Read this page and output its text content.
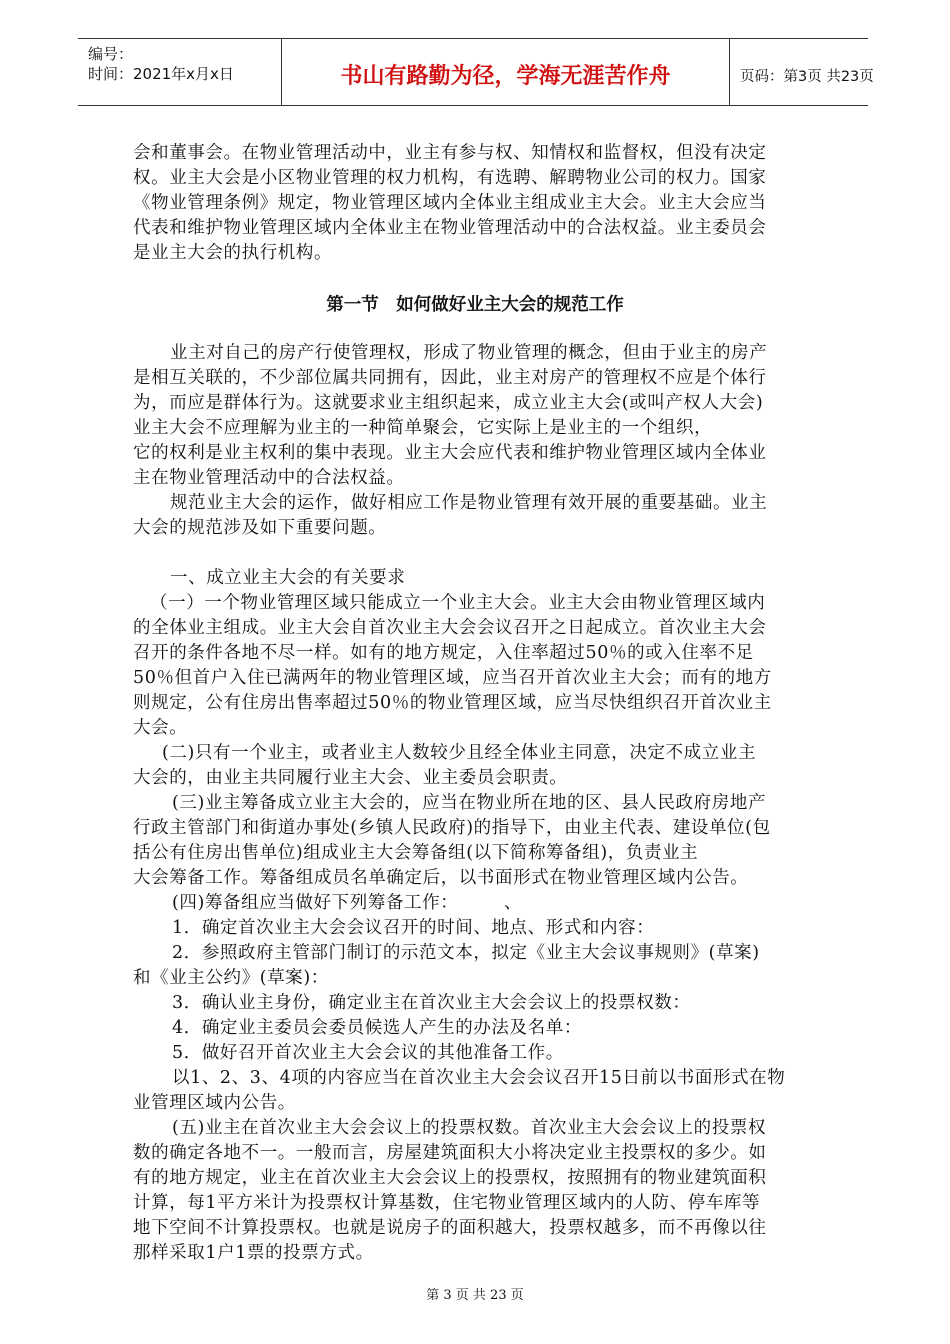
编号：
时间：2021年x月x日	书山有路勤为径，学海无涯苦作舟	页码：第3页 共23页
会和董事会。在物业管理活动中，业主有参与权、知情权和监督权，但没有决定
权。业主大会是小区物业管理的权力机构，有选聘、解聘物业公司的权力。国家
《物业管理条例》规定，物业管理区域内全体业主组成业主大会。业主大会应当
代表和维护物业管理区域内全体业主在物业管理活动中的合法权益。业主委员会
是业主大会的执行机构。
第一节　如何做好业主大会的规范工作
业主对自己的房产行使管理权，形成了物业管理的概念，但由于业主的房产
是相互关联的，不少部位属共同拥有，因此，业主对房产的管理权不应是个体行
为，而应是群体行为。这就要求业主组织起来，成立业主大会(或叫产权人大会)
业主大会不应理解为业主的一种简单聚会，它实际上是业主的一个组织，
它的权利是业主权利的集中表现。业主大会应代表和维护物业管理区域内全体业
主在物业管理活动中的合法权益。
规范业主大会的运作，做好相应工作是物业管理有效开展的重要基础。业主
大会的规范涉及如下重要问题。
一、成立业主大会的有关要求
（一）一个物业管理区域只能成立一个业主大会。业主大会由物业管理区域内
的全体业主组成。业主大会自首次业主大会会议召开之日起成立。首次业主大会
召开的条件各地不尽一样。如有的地方规定，入住率超过50％的或入住率不足
50％但首户入住已满两年的物业管理区域，应当召开首次业主大会；而有的地方
则规定，公有住房出售率超过50％的物业管理区域，应当尽快组织召开首次业主
大会。
(二)只有一个业主，或者业主人数较少且经全体业主同意，决定不成立业主
大会的，由业主共同履行业主大会、业主委员会职责。
(三)业主筹备成立业主大会的，应当在物业所在地的区、县人民政府房地产
行政主管部门和街道办事处(乡镇人民政府)的指导下，由业主代表、建设单位(包
括公有住房出售单位)组成业主大会筹备组(以下简称筹备组)，负责业主
大会筹备工作。筹备组成员名单确定后，以书面形式在物业管理区域内公告。
(四)筹备组应当做好下列筹备工作：　　　、
1．确定首次业主大会会议召开的时间、地点、形式和内容：
2．参照政府主管部门制订的示范文本，拟定《业主大会议事规则》(草案)
和《业主公约》(草案)：
3．确认业主身份，确定业主在首次业主大会会议上的投票权数：
4．确定业主委员会委员候选人产生的办法及名单：
5．做好召开首次业主大会会议的其他准备工作。
以1、2、3、4项的内容应当在首次业主大会会议召开15日前以书面形式在物
业管理区域内公告。
(五)业主在首次业主大会会议上的投票权数。首次业主大会会议上的投票权
数的确定各地不一。一般而言，房屋建筑面积大小将决定业主投票权的多少。如
有的地方规定，业主在首次业主大会会议上的投票权，按照拥有的物业建筑面积
计算，每1平方米计为投票权计算基数，住宅物业管理区域内的人防、停车库等
地下空间不计算投票权。也就是说房子的面积越大，投票权越多，而不再像以往
那样采取1户1票的投票方式。
第 3 页 共 23 页
